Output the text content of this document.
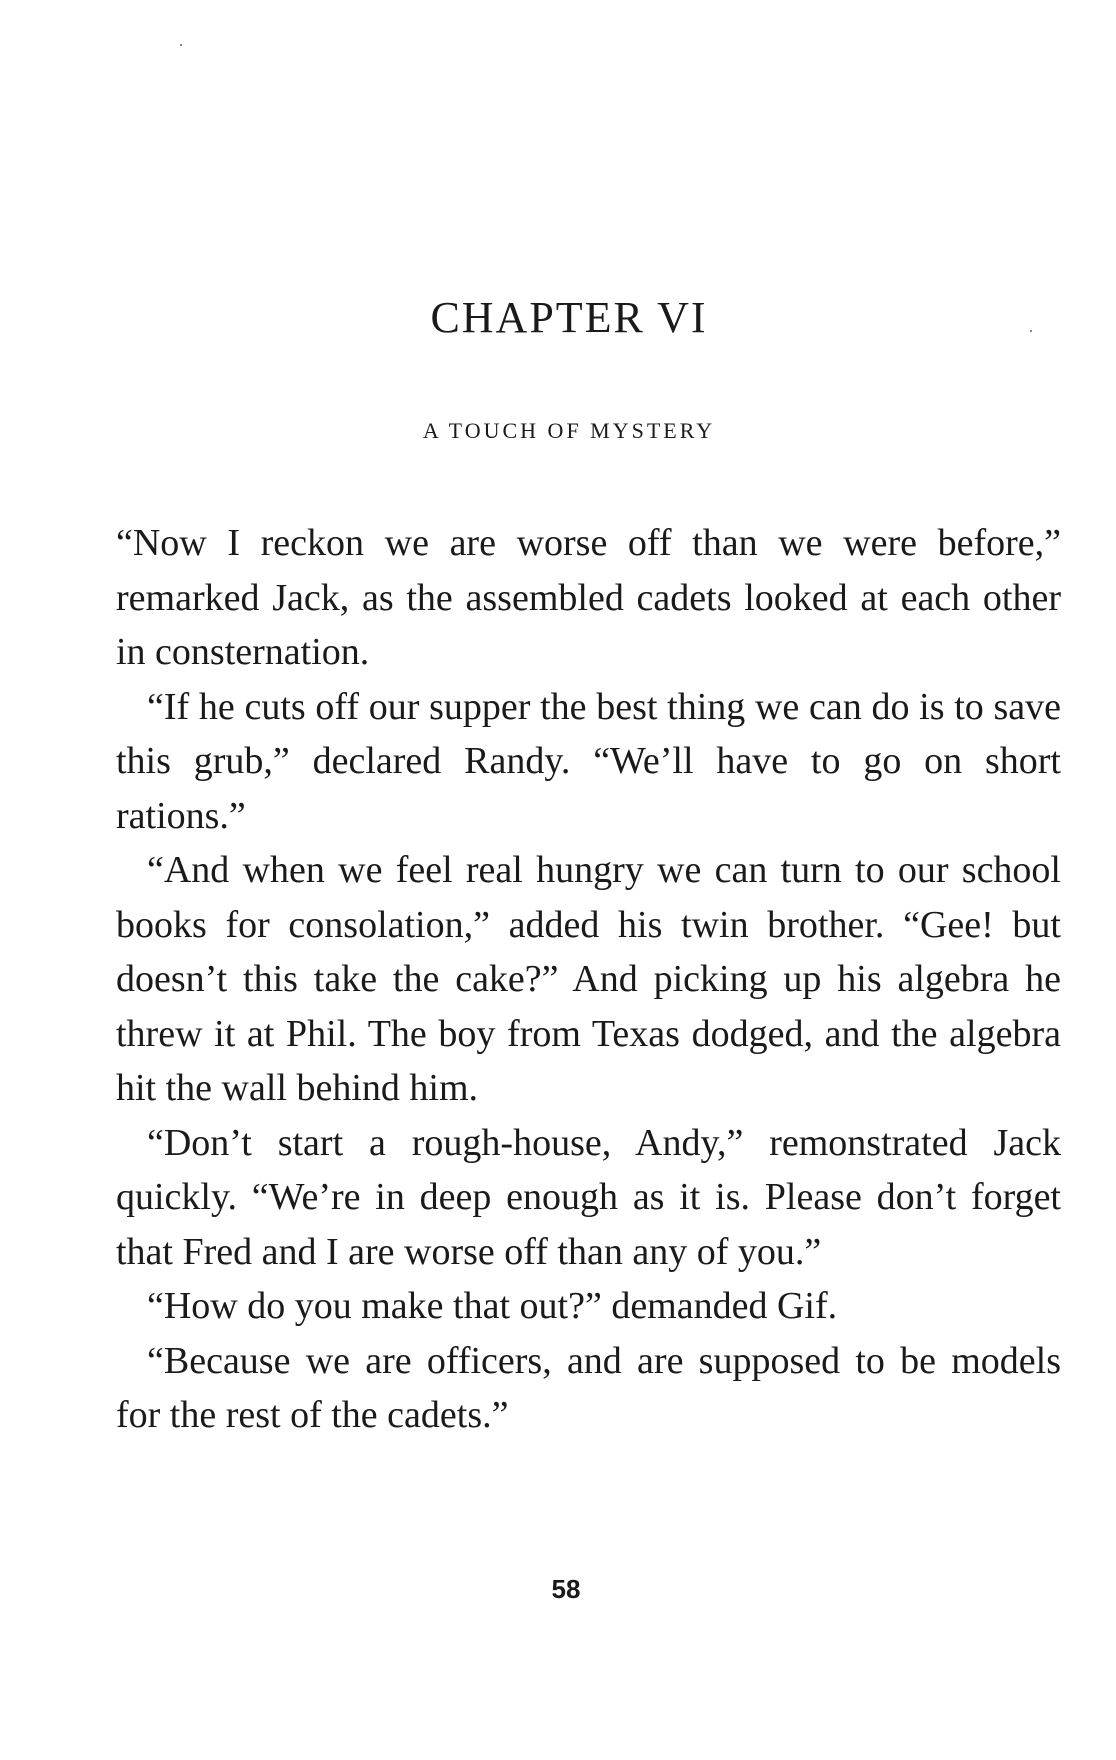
CHAPTER VI
A TOUCH OF MYSTERY

“Now I reckon we are worse off than we were before,” remarked Jack, as the assembled cadets looked at each other in consternation.

“If he cuts off our supper the best thing we can do is to save this grub,” declared Randy. “We’ll have to go on short rations.”

“And when we feel real hungry we can turn to our school books for consolation,” added his twin brother. “Gee! but doesn’t this take the cake?” And picking up his algebra he threw it at Phil. The boy from Texas dodged, and the algebra hit the wall behind him.

“Don’t start a rough-house, Andy,” remonstrated Jack quickly. “We’re in deep enough as it is. Please don’t forget that Fred and I are worse off than any of you.”

“How do you make that out?” demanded Gif.

“Because we are officers, and are supposed to be models for the rest of the cadets.”

58
